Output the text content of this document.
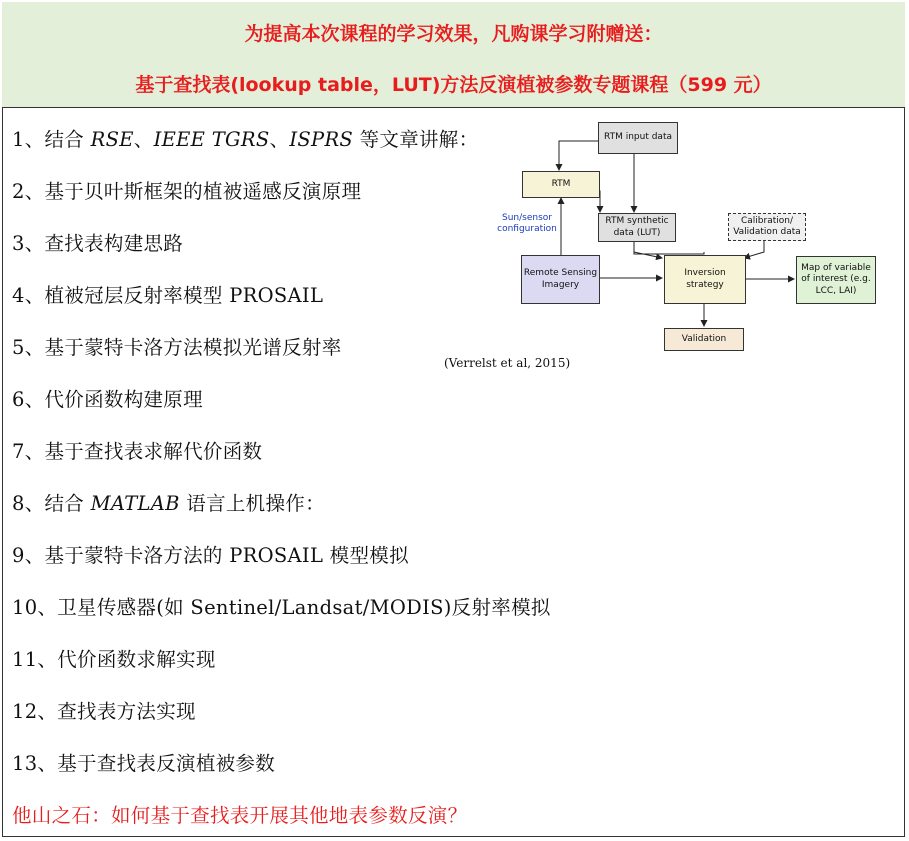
为提高本次课程的学习效果，凡购课学习附赠送：
基于查找表(lookup table，LUT)方法反演植被参数专题课程（599 元）
1、结合 RSE、IEEE TGRS、ISPRS 等文章讲解：
2、基于贝叶斯框架的植被遥感反演原理
3、查找表构建思路
4、植被冠层反射率模型 PROSAIL
5、基于蒙特卡洛方法模拟光谱反射率
6、代价函数构建原理
7、基于查找表求解代价函数
8、结合 MATLAB 语言上机操作：
9、基于蒙特卡洛方法的 PROSAIL 模型模拟
10、卫星传感器(如 Sentinel/Landsat/MODIS)反射率模拟
11、代价函数求解实现
12、查找表方法实现
13、基于查找表反演植被参数
他山之石：如何基于查找表开展其他地表参数反演？
RTM input data
RTM
Sun/sensor configuration
RTM synthetic data (LUT)
Calibration/ Validation data
Remote Sensing Imagery
Inversion strategy
Map of variable of interest (e.g. LCC, LAI)
Validation
(Verrelst et al, 2015)
